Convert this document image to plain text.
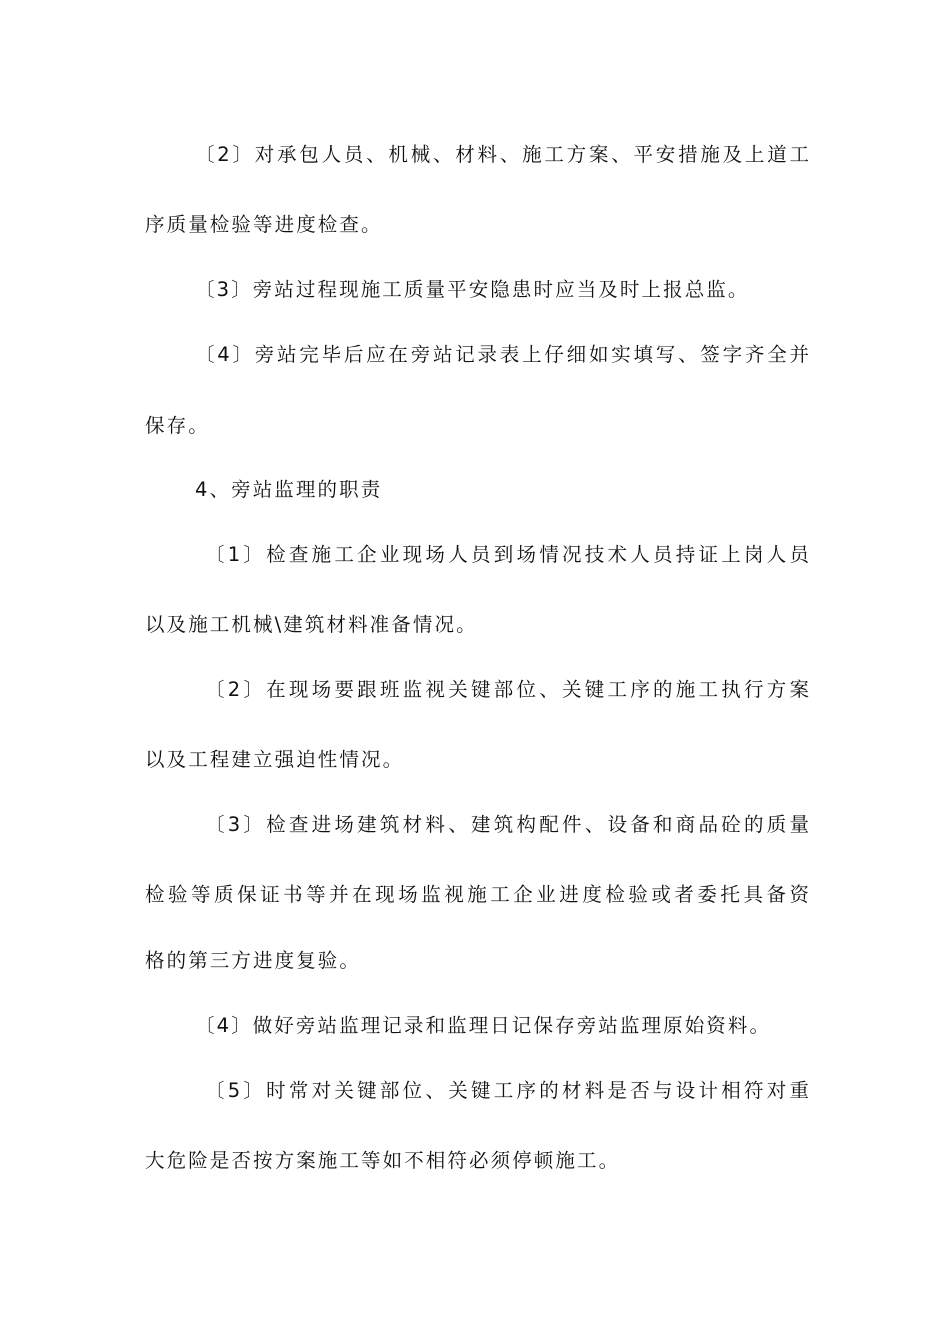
〔2〕对承包人员、机械、材料、施工方案、平安措施及上道工
序质量检验等进度检查。
〔3〕旁站过程现施工质量平安隐患时应当及时上报总监。
〔4〕旁站完毕后应在旁站记录表上仔细如实填写、签字齐全并
保存。
4、旁站监理的职责
〔1〕检查施工企业现场人员到场情况技术人员持证上岗人员
以及施工机械\建筑材料准备情况。
〔2〕在现场要跟班监视关键部位、关键工序的施工执行方案
以及工程建立强迫性情况。
〔3〕检查进场建筑材料、建筑构配件、设备和商品砼的质量
检验等质保证书等并在现场监视施工企业进度检验或者委托具备资
格的第三方进度复验。
〔4〕做好旁站监理记录和监理日记保存旁站监理原始资料。
〔5〕时常对关键部位、关键工序的材料是否与设计相符对重
大危险是否按方案施工等如不相符必须停顿施工。
